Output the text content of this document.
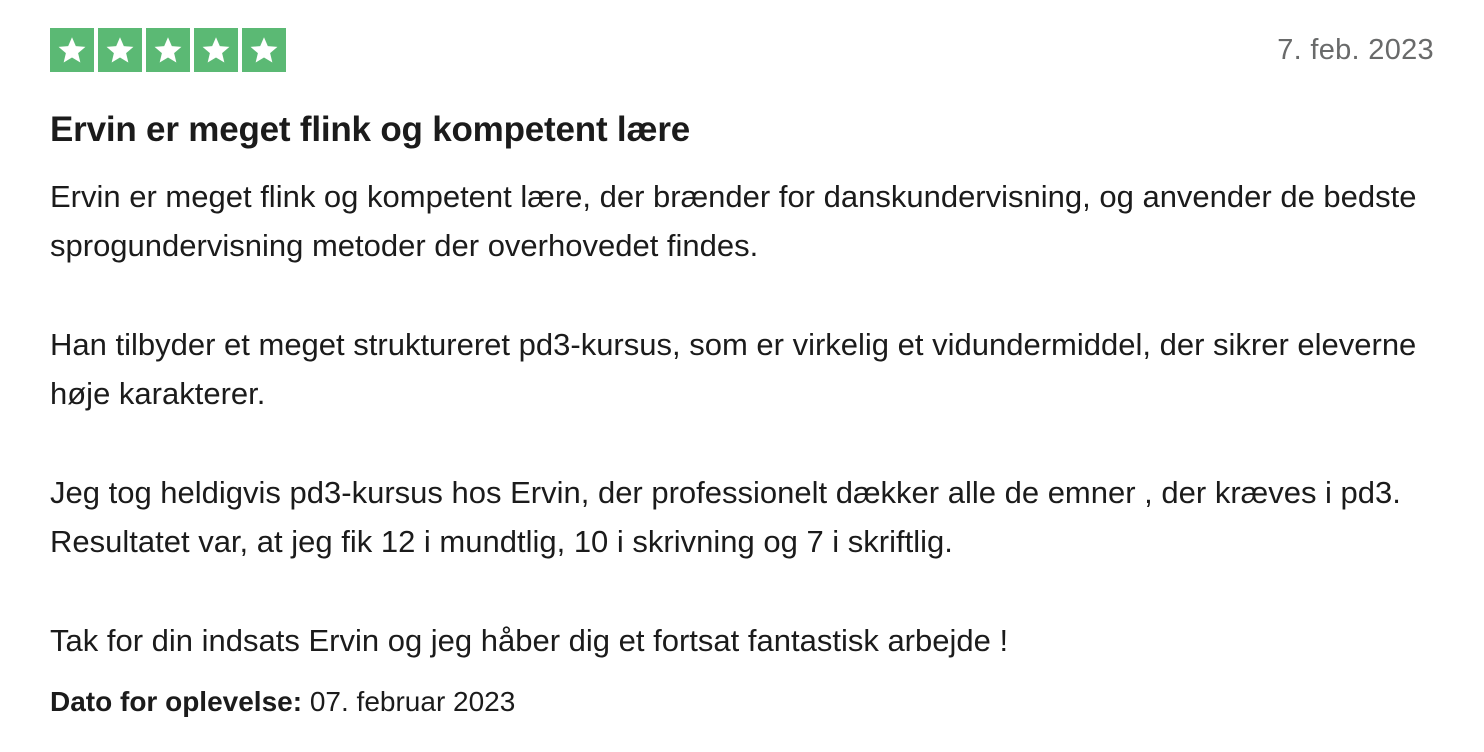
7. feb. 2023
Ervin er meget flink og kompetent lære

Ervin er meget flink og kompetent lære, der brænder for danskundervisning, og anvender de bedste sprogundervisning metoder der overhovedet findes.

Han tilbyder et meget struktureret pd3-kursus, som er virkelig et vidundermiddel, der sikrer eleverne høje karakterer.

Jeg tog heldigvis pd3-kursus hos Ervin, der professionelt dækker alle de emner , der kræves i pd3. Resultatet var, at jeg fik 12 i mundtlig, 10 i skrivning og 7 i skriftlig.

Tak for din indsats Ervin og jeg håber dig et fortsat fantastisk arbejde !

Dato for oplevelse: 07. februar 2023
